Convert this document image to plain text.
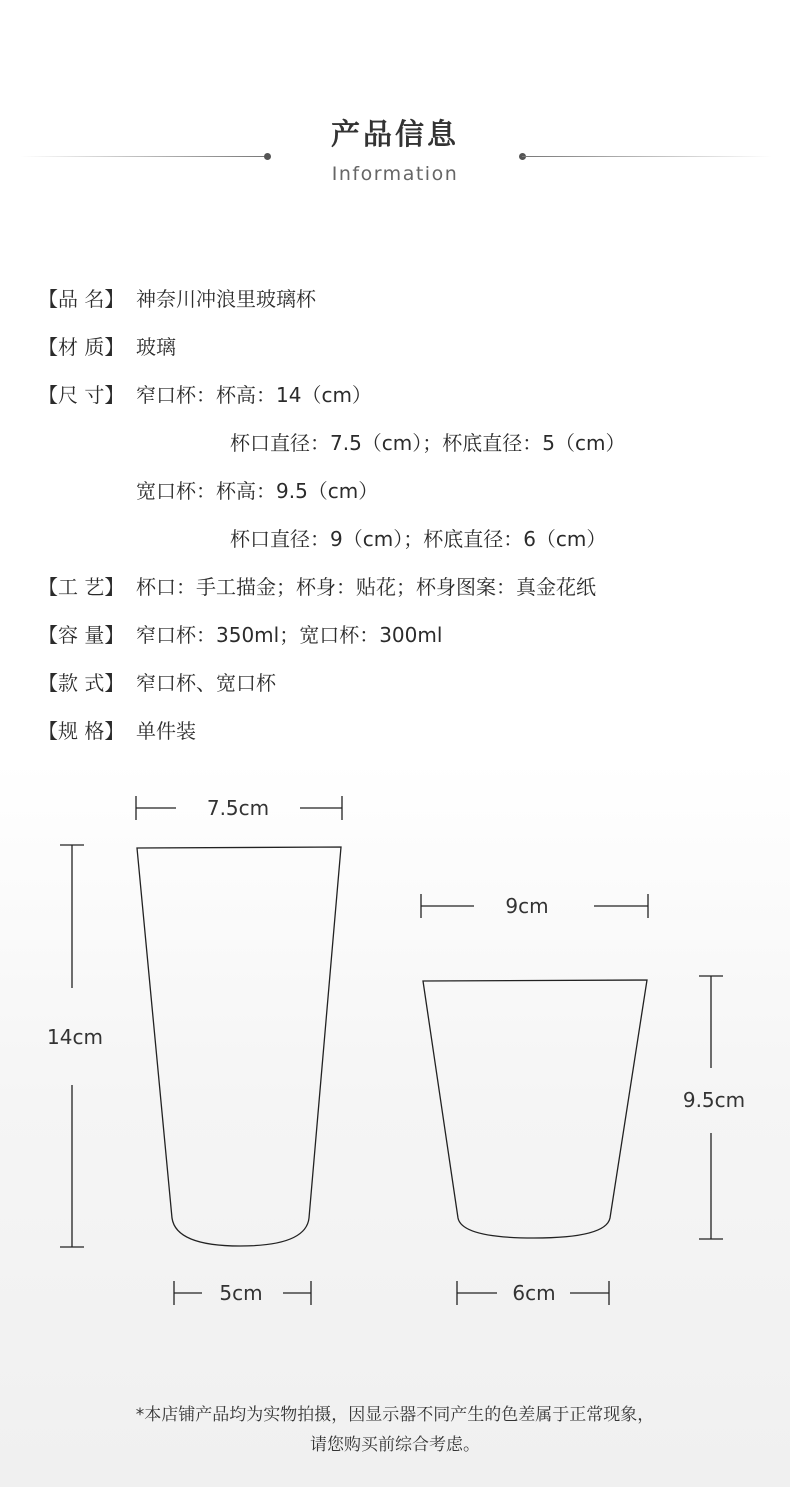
产品信息
Information
【品 名】 神奈川冲浪里玻璃杯
【材 质】 玻璃
【尺 寸】 窄口杯：杯高：14（cm）
杯口直径：7.5（cm）；杯底直径：5（cm）
宽口杯：杯高：9.5（cm）
杯口直径：9（cm）；杯底直径：6（cm）
【工 艺】 杯口：手工描金；杯身：贴花；杯身图案：真金花纸
【容 量】 窄口杯：350ml；宽口杯：300ml
【款 式】 窄口杯、宽口杯
【规 格】 单件装
7.5cm
14cm
5cm
9cm
9.5cm
6cm
*本店铺产品均为实物拍摄，因显示器不同产生的色差属于正常现象，
请您购买前综合考虑。
